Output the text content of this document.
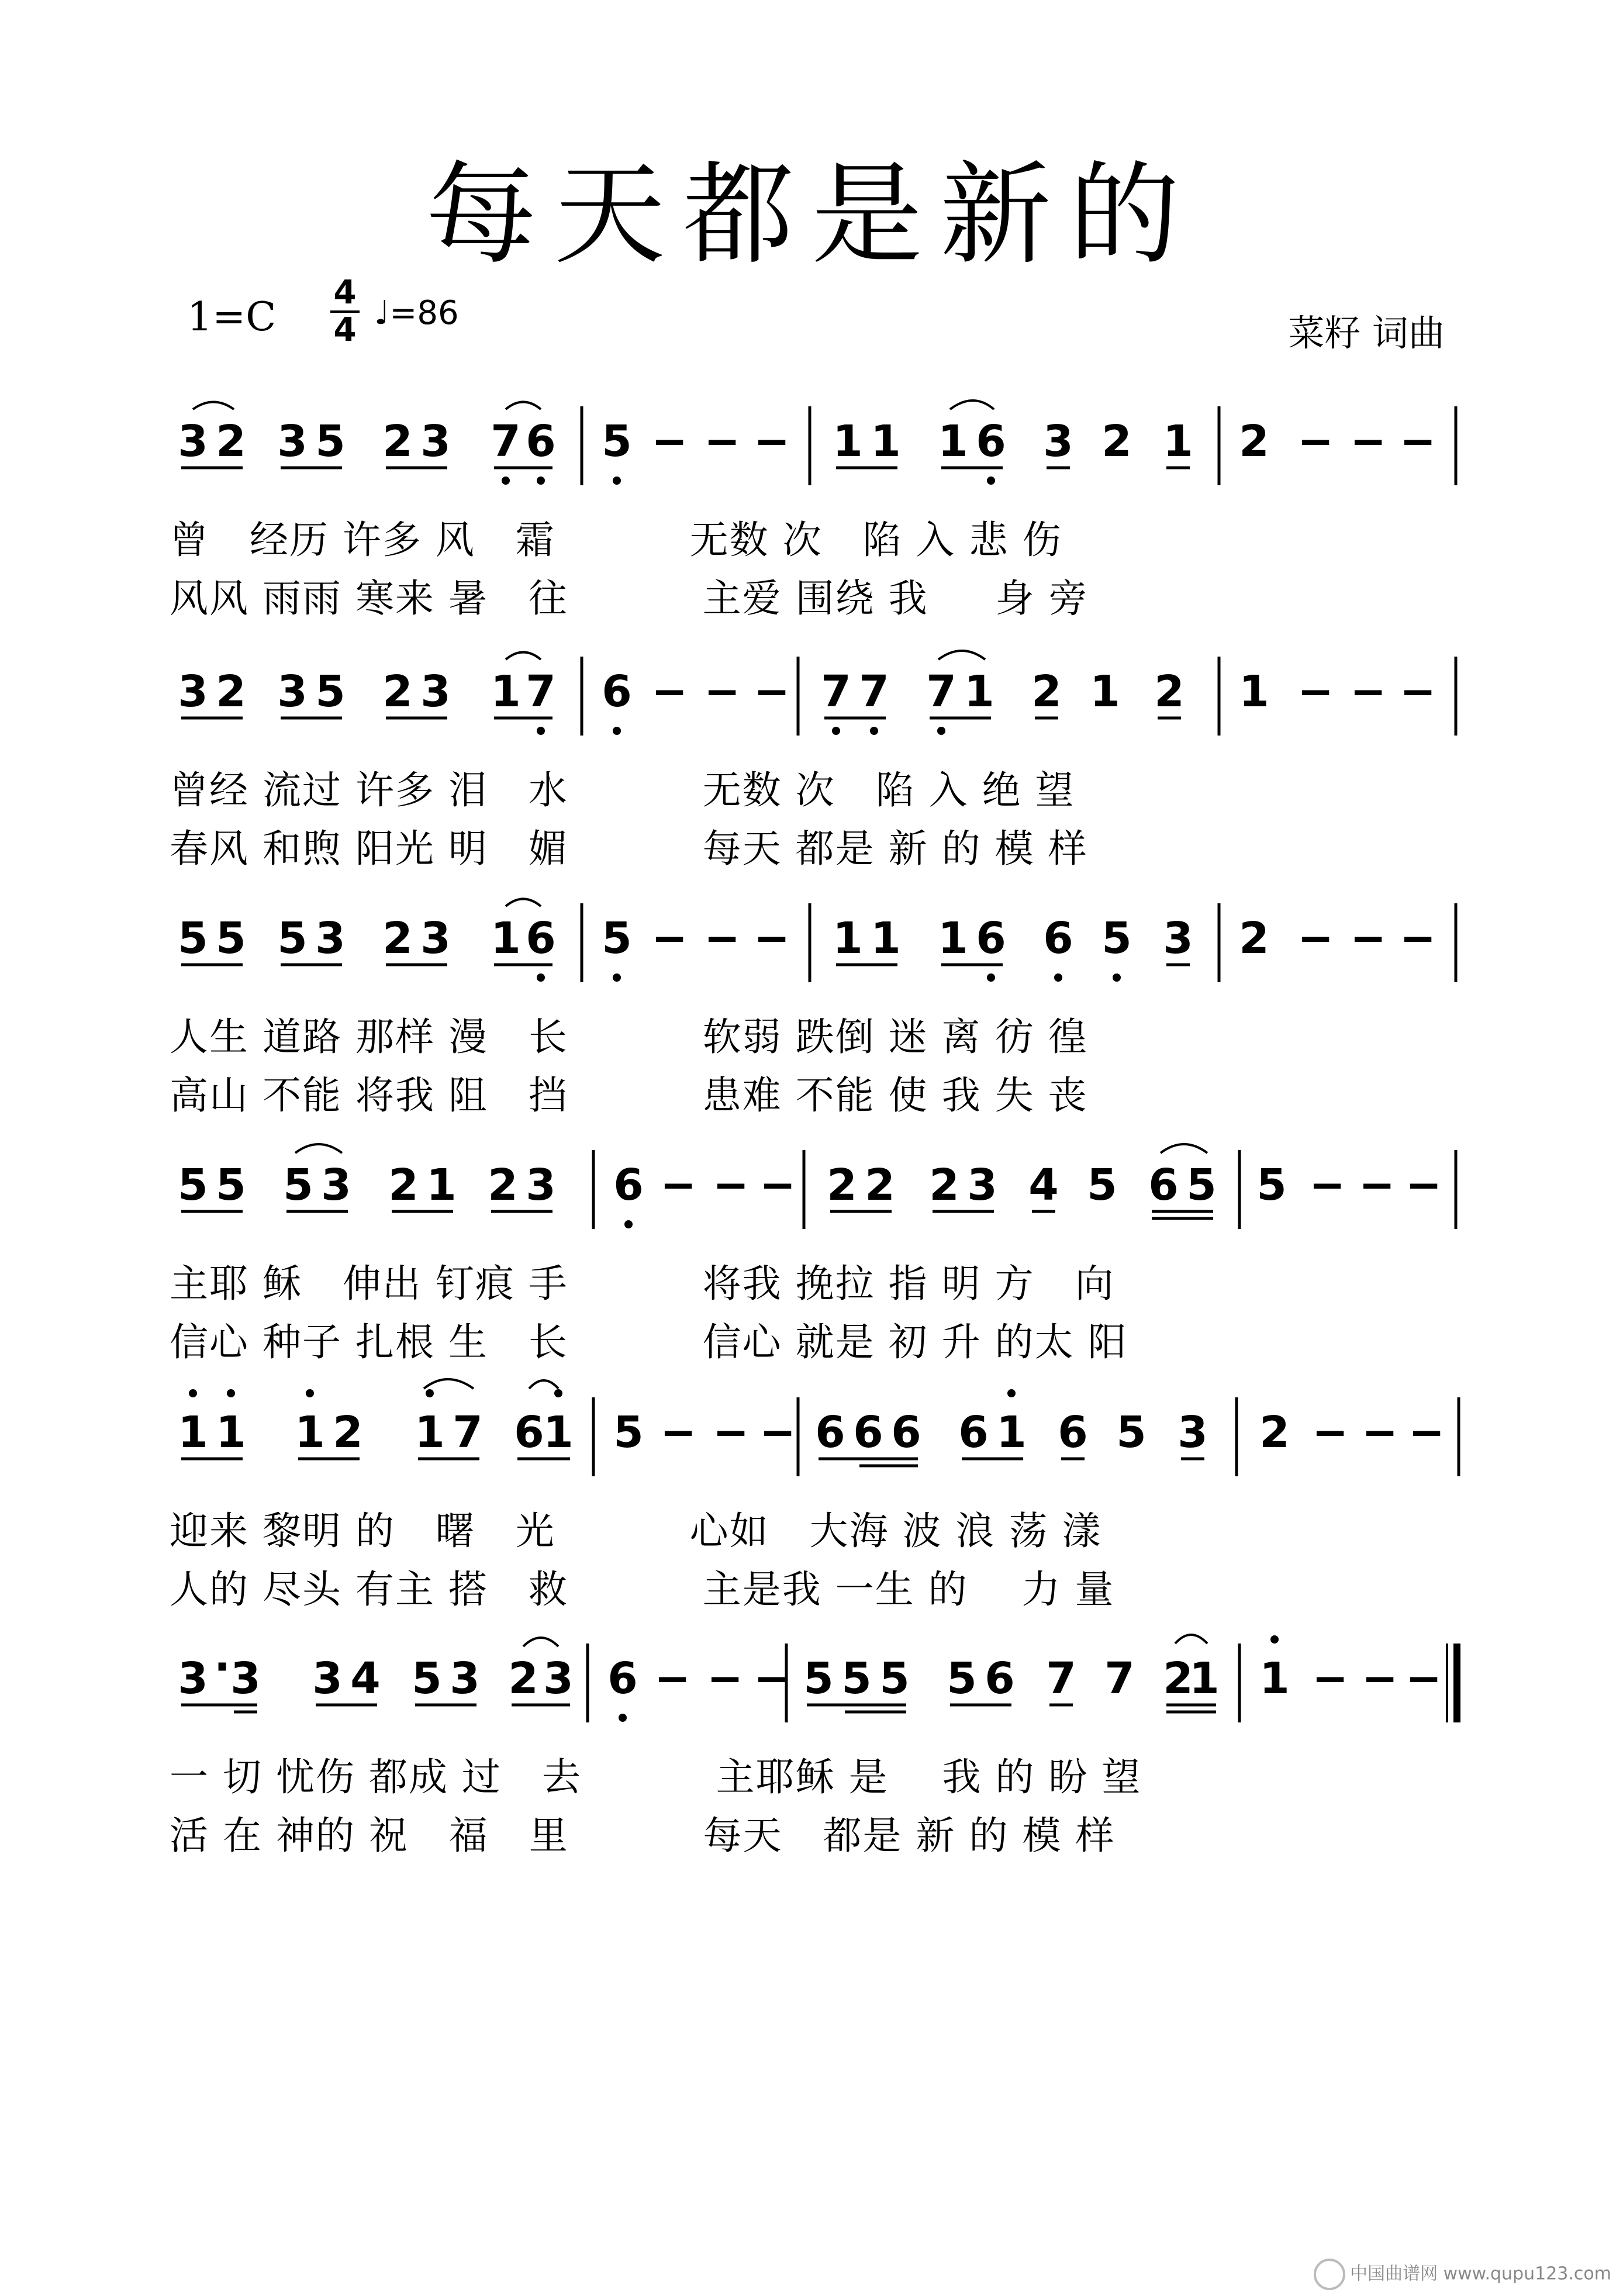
每天都是新的
1=C
4
4 ♩=86	菜籽 词曲
3 2 3 5 2 3 7 6 5 − − − 1 1 1 6 3 2 1 2 − − −
曾   经历 许多 风   霜          无数 次   陷 入 悲 伤
风风 雨雨 寒来 暑   往          主爱 围绕 我     身 旁
3 2 3 5 2 3 1 7 6 − − − 7 7 7 1 2 1 2 1 − − −
曾经 流过 许多 泪   水          无数 次   陷 入 绝 望
春风 和煦 阳光 明   媚          每天 都是 新 的 模 样
5 5 5 3 2 3 1 6 5 − − − 1 1 1 6 6 5 3 2 − − −
人生 道路 那样 漫   长          软弱 跌倒 迷 离 彷 徨
高山 不能 将我 阻   挡          患难 不能 使 我 失 丧
5 5 5 3 2 1 2 3 6 − − − 2 2 2 3 4 5 6 5 5 − − −
主耶 稣   伸出 钉痕 手          将我 挽拉 指 明 方   向
信心 种子 扎根 生   长          信心 就是 初 升 的太 阳
1 1 1 2 1 7 6
1 5 − − − 6 6 6 6 1 6 5 3 2 − − −
迎来 黎明 的   曙   光          心如   大海 波 浪 荡 漾
人的 尽头 有主 搭   救          主是我 一生 的    力 量
3 · 3 3 4 5 3 2 3 6 − − − 5 5 5 5 6 7 7 2
1 1 − − −
一 切 忧伤 都成 过   去          主耶稣 是    我 的 盼 望
活 在 神的 祝   福   里          每天   都是 新 的 模 样
中国曲谱网 www.qupu123.com
